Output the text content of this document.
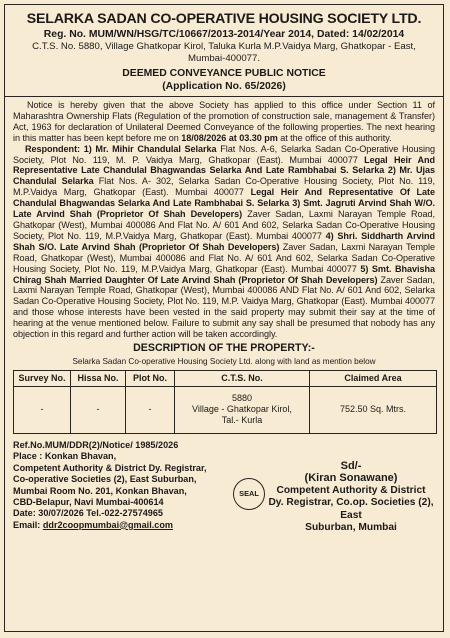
SELARKA SADAN CO-OPERATIVE HOUSING SOCIETY LTD.
Reg. No. MUM/WN/HSG/TC/10667/2013-2014/Year 2014, Dated: 14/02/2014
C.T.S. No. 5880, Village Ghatkopar Kirol, Taluka Kurla M.P.Vaidya Marg, Ghatkopar - East, Mumbai-400077.
DEEMED CONVEYANCE PUBLIC NOTICE
(Application No. 65/2026)
Notice is hereby given that the above Society has applied to this office under Section 11 of Maharashtra Ownership Flats (Regulation of the promotion of construction sale, management & Transfer) Act, 1963 for declaration of Unilateral Deemed Conveyance of the following properties. The next hearing in this matter has been kept before me on 18/08/2026 at 03.30 pm at the office of this authority.
Respondent: 1) Mr. Mihir Chandulal Selarka Flat Nos. A-6, Selarka Sadan Co-Operative Housing Society, Plot No. 119, M. P. Vaidya Marg, Ghatkopar (East). Mumbai 400077 Legal Heir And Representative Late Chandulal Bhagwandas Selarka And Late Rambhabai S. Selarka 2) Mr. Ujas Chandulal Selarka Flat Nos. A- 302, Selarka Sadan Co-Operative Housing Society, Plot No. 119, M.P.Vaidya Marg, Ghatkopar (East). Mumbai 400077 Legal Heir And Representative Of Late Chandulal Bhagwandas Selarka And Late Rambhabai S. Selarka 3) Smt. Jagruti Arvind Shah W/O. Late Arvind Shah (Proprietor Of Shah Developers) Zaver Sadan, Laxmi Narayan Temple Road, Ghatkopar (West), Mumbai 400086 And Flat No. A/ 601 And 602, Selarka Sadan Co-Operative Housing Society, Plot No. 119, M.P.Vaidya Marg, Ghatkopar (East). Mumbai 400077 4) Shri. Siddharth Arvind Shah S/O. Late Arvind Shah (Proprietor Of Shah Developers) Zaver Sadan, Laxmi Narayan Temple Road, Ghatkopar (West), Mumbai 400086 and Flat No. A/ 601 And 602, Selarka Sadan Co-Operative Housing Society, Plot No. 119, M.P.Vaidya Marg, Ghatkopar (East). Mumbai 400077 5) Smt. Bhavisha Chirag Shah Married Daughter Of Late Arvind Shah (Proprietor Of Shah Developers) Zaver Sadan, Laxmi Narayan Temple Road, Ghatkopar (West), Mumbai 400086 AND Flat No. A/ 601 And 602, Selarka Sadan Co-Operative Housing Society, Plot No. 119, M.P. Vaidya Marg, Ghatkopar (East). Mumbai 400077 and those whose interests have been vested in the said property may submit their say at the time of hearing at the venue mentioned below. Failure to submit any say shall be presumed that nobody has any objection in this regard and further action will be taken accordingly.
DESCRIPTION OF THE PROPERTY:-
Selarka Sadan Co-operative Housing Society Ltd. along with land as mention below
Survey No.	Hissa No.	Plot No.	C.T.S. No.	Claimed Area
-	-	-	5880
Village - Ghatkopar Kirol,
Tal.- Kurla	752.50 Sq. Mtrs.
Ref.No.MUM/DDR(2)/Notice/ 1985/2026
Place : Konkan Bhavan,
Competent Authority & District Dy. Registrar,
Co-operative Societies (2), East Suburban,
Mumbai Room No. 201, Konkan Bhavan,
CBD-Belapur, Navi Mumbai-400614
Date: 30/07/2026 Tel.-022-27574965
Email: ddr2coopmumbai@gmail.com
SEAL
Sd/-
(Kiran Sonawane)
Competent Authority & District
Dy. Registrar, Co.op. Societies (2), East
Suburban, Mumbai
